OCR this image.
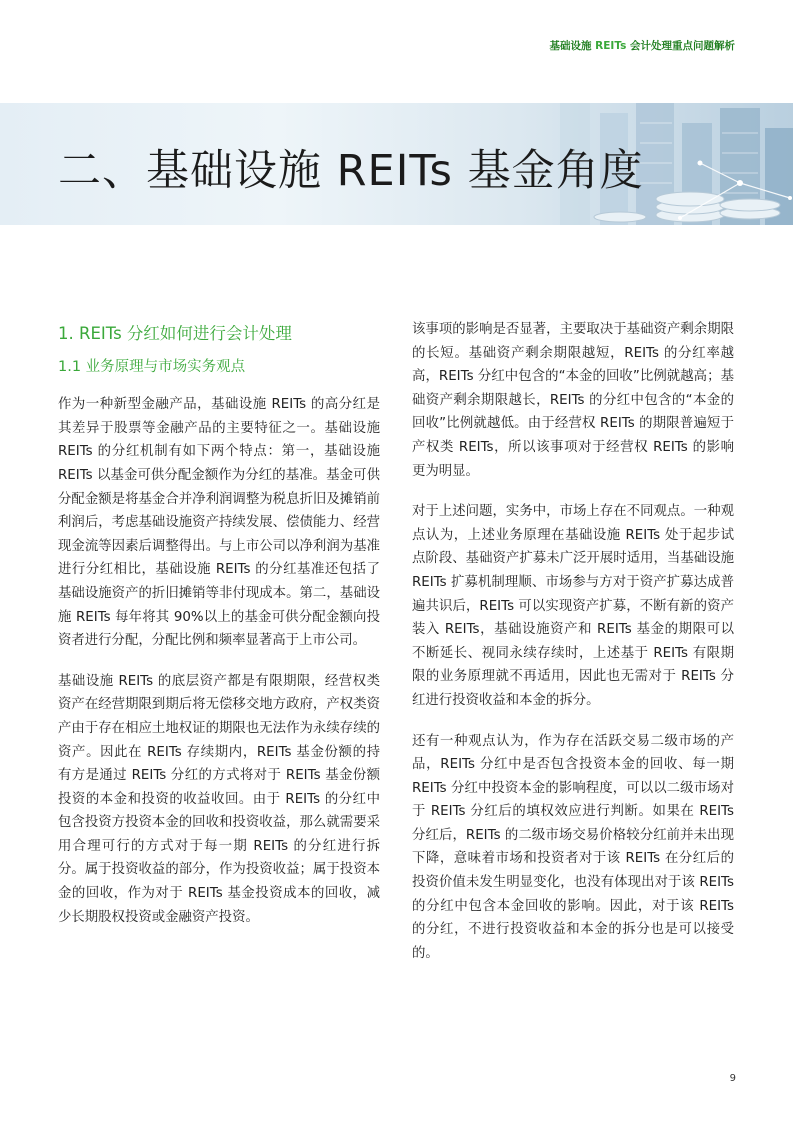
基础设施 REITs 会计处理重点问题解析
二、基础设施 REITs 基金角度
1. REITs 分红如何进行会计处理
1.1 业务原理与市场实务观点

作为一种新型金融产品，基础设施 REITs 的高分红是其差异于股票等金融产品的主要特征之一。基础设施 REITs 的分红机制有如下两个特点：第一，基础设施 REITs 以基金可供分配金额作为分红的基准。基金可供分配金额是将基金合并净利润调整为税息折旧及摊销前利润后，考虑基础设施资产持续发展、偿债能力、经营现金流等因素后调整得出。与上市公司以净利润为基准进行分红相比，基础设施 REITs 的分红基准还包括了基础设施资产的折旧摊销等非付现成本。第二，基础设施 REITs 每年将其 90%以上的基金可供分配金额向投资者进行分配，分配比例和频率显著高于上市公司。

基础设施 REITs 的底层资产都是有限期限，经营权类资产在经营期限到期后将无偿移交地方政府，产权类资产由于存在相应土地权证的期限也无法作为永续存续的资产。因此在 REITs 存续期内，REITs 基金份额的持有方是通过 REITs 分红的方式将对于 REITs 基金份额投资的本金和投资的收益收回。由于 REITs 的分红中包含投资方投资本金的回收和投资收益，那么就需要采用合理可行的方式对于每一期 REITs 的分红进行拆分。属于投资收益的部分，作为投资收益；属于投资本金的回收，作为对于 REITs 基金投资成本的回收，减少长期股权投资或金融资产投资。

该事项的影响是否显著，主要取决于基础资产剩余期限的长短。基础资产剩余期限越短，REITs 的分红率越高，REITs 分红中包含的“本金的回收”比例就越高；基础资产剩余期限越长，REITs 的分红中包含的“本金的回收”比例就越低。由于经营权 REITs 的期限普遍短于产权类 REITs，所以该事项对于经营权 REITs 的影响更为明显。

对于上述问题，实务中，市场上存在不同观点。一种观点认为，上述业务原理在基础设施 REITs 处于起步试点阶段、基础资产扩募未广泛开展时适用，当基础设施 REITs 扩募机制理顺、市场参与方对于资产扩募达成普遍共识后，REITs 可以实现资产扩募，不断有新的资产装入 REITs，基础设施资产和 REITs 基金的期限可以不断延长、视同永续存续时，上述基于 REITs 有限期限的业务原理就不再适用，因此也无需对于 REITs 分红进行投资收益和本金的拆分。

还有一种观点认为，作为存在活跃交易二级市场的产品，REITs 分红中是否包含投资本金的回收、每一期 REITs 分红中投资本金的影响程度，可以以二级市场对于 REITs 分红后的填权效应进行判断。如果在 REITs 分红后，REITs 的二级市场交易价格较分红前并未出现下降，意味着市场和投资者对于该 REITs 在分红后的投资价值未发生明显变化，也没有体现出对于该 REITs 的分红中包含本金回收的影响。因此，对于该 REITs 的分红，不进行投资收益和本金的拆分也是可以接受的。

9
